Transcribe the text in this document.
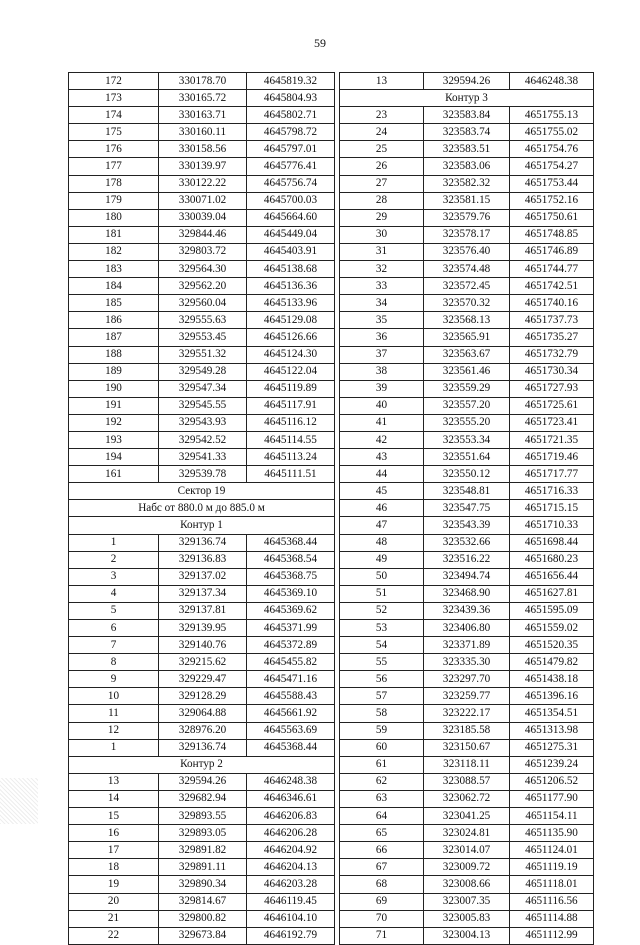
59
172	330178.70	4645819.32
173	330165.72	4645804.93
174	330163.71	4645802.71
175	330160.11	4645798.72
176	330158.56	4645797.01
177	330139.97	4645776.41
178	330122.22	4645756.74
179	330071.02	4645700.03
180	330039.04	4645664.60
181	329844.46	4645449.04
182	329803.72	4645403.91
183	329564.30	4645138.68
184	329562.20	4645136.36
185	329560.04	4645133.96
186	329555.63	4645129.08
187	329553.45	4645126.66
188	329551.32	4645124.30
189	329549.28	4645122.04
190	329547.34	4645119.89
191	329545.55	4645117.91
192	329543.93	4645116.12
193	329542.52	4645114.55
194	329541.33	4645113.24
161	329539.78	4645111.51
Сектор 19		
Набс от 880.0 м до 885.0 м		
Контур 1		
1	329136.74	4645368.44
2	329136.83	4645368.54
3	329137.02	4645368.75
4	329137.34	4645369.10
5	329137.81	4645369.62
6	329139.95	4645371.99
7	329140.76	4645372.89
8	329215.62	4645455.82
9	329229.47	4645471.16
10	329128.29	4645588.43
11	329064.88	4645661.92
12	328976.20	4645563.69
1	329136.74	4645368.44
Контур 2		
13	329594.26	4646248.38
14	329682.94	4646346.61
15	329893.55	4646206.83
16	329893.05	4646206.28
17	329891.82	4646204.92
18	329891.11	4646204.13
19	329890.34	4646203.28
20	329814.67	4646119.45
21	329800.82	4646104.10
22	329673.84	4646192.79
13	329594.26	4646248.38
Контур 3		
23	323583.84	4651755.13
24	323583.74	4651755.02
25	323583.51	4651754.76
26	323583.06	4651754.27
27	323582.32	4651753.44
28	323581.15	4651752.16
29	323579.76	4651750.61
30	323578.17	4651748.85
31	323576.40	4651746.89
32	323574.48	4651744.77
33	323572.45	4651742.51
34	323570.32	4651740.16
35	323568.13	4651737.73
36	323565.91	4651735.27
37	323563.67	4651732.79
38	323561.46	4651730.34
39	323559.29	4651727.93
40	323557.20	4651725.61
41	323555.20	4651723.41
42	323553.34	4651721.35
43	323551.64	4651719.46
44	323550.12	4651717.77
45	323548.81	4651716.33
46	323547.75	4651715.15
47	323543.39	4651710.33
48	323532.66	4651698.44
49	323516.22	4651680.23
50	323494.74	4651656.44
51	323468.90	4651627.81
52	323439.36	4651595.09
53	323406.80	4651559.02
54	323371.89	4651520.35
55	323335.30	4651479.82
56	323297.70	4651438.18
57	323259.77	4651396.16
58	323222.17	4651354.51
59	323185.58	4651313.98
60	323150.67	4651275.31
61	323118.11	4651239.24
62	323088.57	4651206.52
63	323062.72	4651177.90
64	323041.25	4651154.11
65	323024.81	4651135.90
66	323014.07	4651124.01
67	323009.72	4651119.19
68	323008.66	4651118.01
69	323007.35	4651116.56
70	323005.83	4651114.88
71	323004.13	4651112.99
